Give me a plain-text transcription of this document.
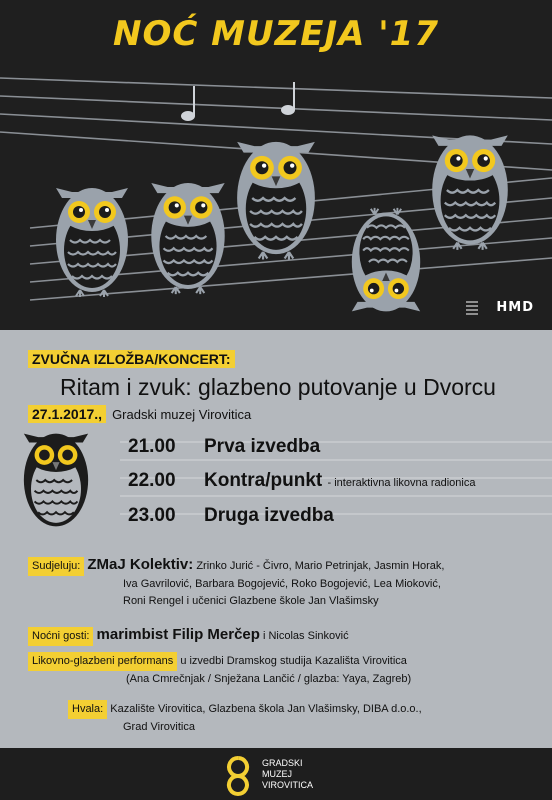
NOĆ MUZEJA '17
HMD
ZVUČNA IZLOŽBA/KONCERT:
Ritam i zvuk: glazbeno putovanje u Dvorcu
27.1.2017., Gradski muzej Virovitica
21.00 Prva izvedba
22.00 Kontra/punkt - interaktivna likovna radionica
23.00 Druga izvedba
Sudjeluju: ZMaJ Kolektiv: Zrinko Jurić - Čivro, Mario Petrinjak, Jasmin Horak,
Iva Gavrilović, Barbara Bogojević, Roko Bogojević, Lea Mioković,
Roni Rengel i učenici Glazbene škole Jan Vlašimsky
Noćni gosti: marimbist Filip Merčep i Nicolas Sinković
Likovno-glazbeni performans u izvedbi Dramskog studija Kazališta Virovitica
(Ana Cmrečnjak / Snježana Lančić / glazba: Yaya, Zagreb)
Hvala: Kazalište Virovitica, Glazbena škola Jan Vlašimsky, DIBA d.o.o.,
Grad Virovitica
GRADSKI
MUZEJ
VIROVITICA
